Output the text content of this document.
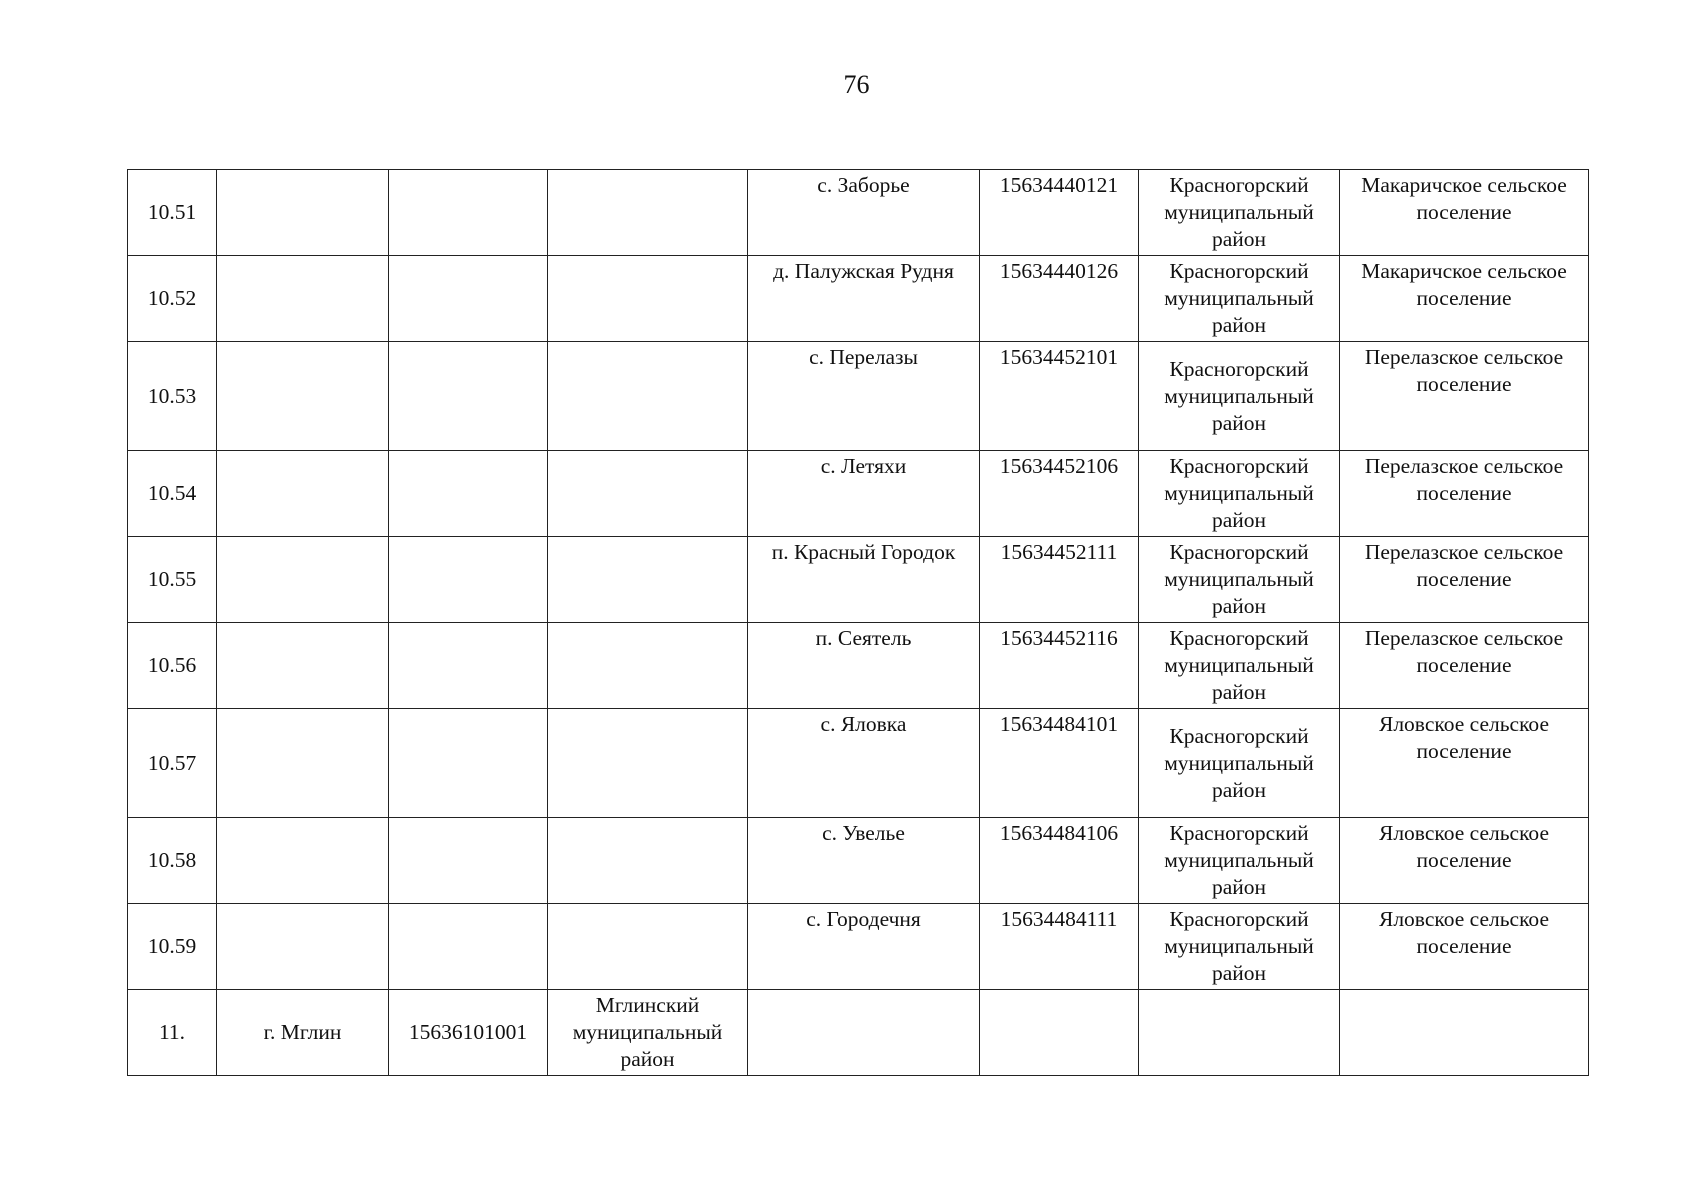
76
10.51				с. Заборье	15634440121	Красногорский муниципальный район	Макаричское сельское поселение
10.52				д. Палужская Рудня	15634440126	Красногорский муниципальный район	Макаричское сельское поселение
10.53				с. Перелазы	15634452101	Красногорский муниципальный район	Перелазское сельское поселение
10.54				с. Летяхи	15634452106	Красногорский муниципальный район	Перелазское сельское поселение
10.55				п. Красный Городок	15634452111	Красногорский муниципальный район	Перелазское сельское поселение
10.56				п. Сеятель	15634452116	Красногорский муниципальный район	Перелазское сельское поселение
10.57				с. Яловка	15634484101	Красногорский муниципальный район	Яловское сельское поселение
10.58				с. Увелье	15634484106	Красногорский муниципальный район	Яловское сельское поселение
10.59				с. Городечня	15634484111	Красногорский муниципальный район	Яловское сельское поселение
11.	г. Мглин	15636101001	Мглинский муниципальный район				
